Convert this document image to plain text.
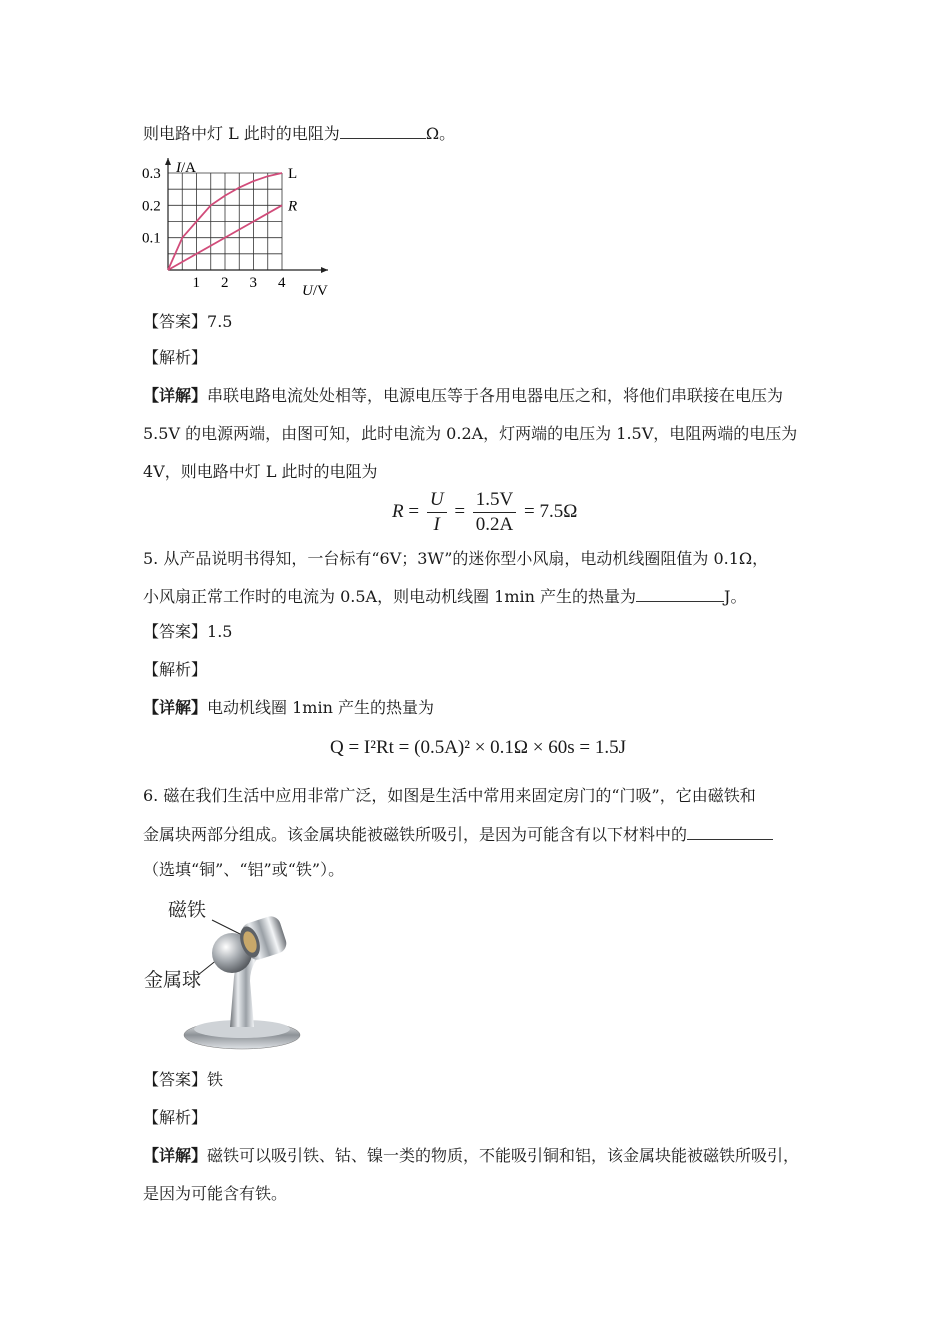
则电路中灯 L 此时的电阻为	Ω。
1 2 3 4
0.1
0.2
0.3 I/A
U/V
L
R
【答案】7.5
【解析】
【详解】串联电路电流处处相等，电源电压等于各用电器电压之和，将他们串联接在电压为
5.5V 的电源两端，由图可知，此时电流为 0.2A，灯两端的电压为 1.5V，电阻两端的电压为
4V，则电路中灯 L 此时的电阻为
$R = \frac{U}{I} = \frac{1.5V}{0.2A} = 7.5\Omega$
5. 从产品说明书得知，一台标有“6V；3W”的迷你型小风扇，电动机线圈阻值为 0.1Ω，
小风扇正常工作时的电流为 0.5A，则电动机线圈 1min 产生的热量为	J。
【答案】1.5
【解析】
【详解】电动机线圈 1min 产生的热量为
Q = I²Rt = (0.5A)² × 0.1Ω × 60s = 1.5J
6. 磁在我们生活中应用非常广泛，如图是生活中常用来固定房门的“门吸”，它由磁铁和
金属块两部分组成。该金属块能被磁铁所吸引，是因为可能含有以下材料中的
（选填“铜”、“铝”或“铁”）。
磁铁
金属球
【答案】铁
【解析】
【详解】磁铁可以吸引铁、钴、镍一类的物质，不能吸引铜和铝，该金属块能被磁铁所吸引，
是因为可能含有铁。
